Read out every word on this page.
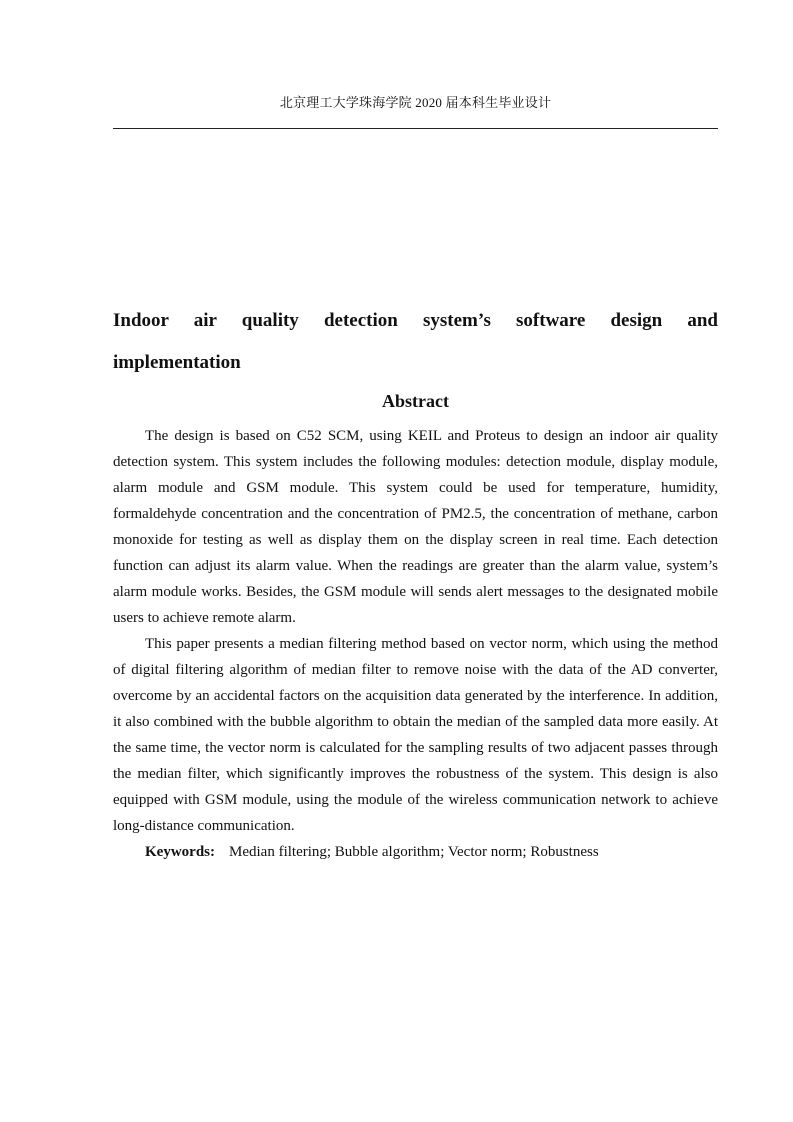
北京理工大学珠海学院 2020 届本科生毕业设计
Indoor air quality detection system’s software design and
implementation
Abstract

The design is based on C52 SCM, using KEIL and Proteus to design an indoor air quality detection system. This system includes the following modules: detection module, display module, alarm module and GSM module. This system could be used for temperature, humidity, formaldehyde concentration and the concentration of PM2.5, the concentration of methane, carbon monoxide for testing as well as display them on the display screen in real time. Each detection function can adjust its alarm value. When the readings are greater than the alarm value, system’s alarm module works. Besides, the GSM module will sends alert messages to the designated mobile users to achieve remote alarm.

This paper presents a median filtering method based on vector norm, which using the method of digital filtering algorithm of median filter to remove noise with the data of the AD converter, overcome by an accidental factors on the acquisition data generated by the interference. In addition, it also combined with the bubble algorithm to obtain the median of the sampled data more easily. At the same time, the vector norm is calculated for the sampling results of two adjacent passes through the median filter, which significantly improves the robustness of the system. This design is also equipped with GSM module, using the module of the wireless communication network to achieve long-distance communication.

Keywords: Median filtering; Bubble algorithm; Vector norm; Robustness
